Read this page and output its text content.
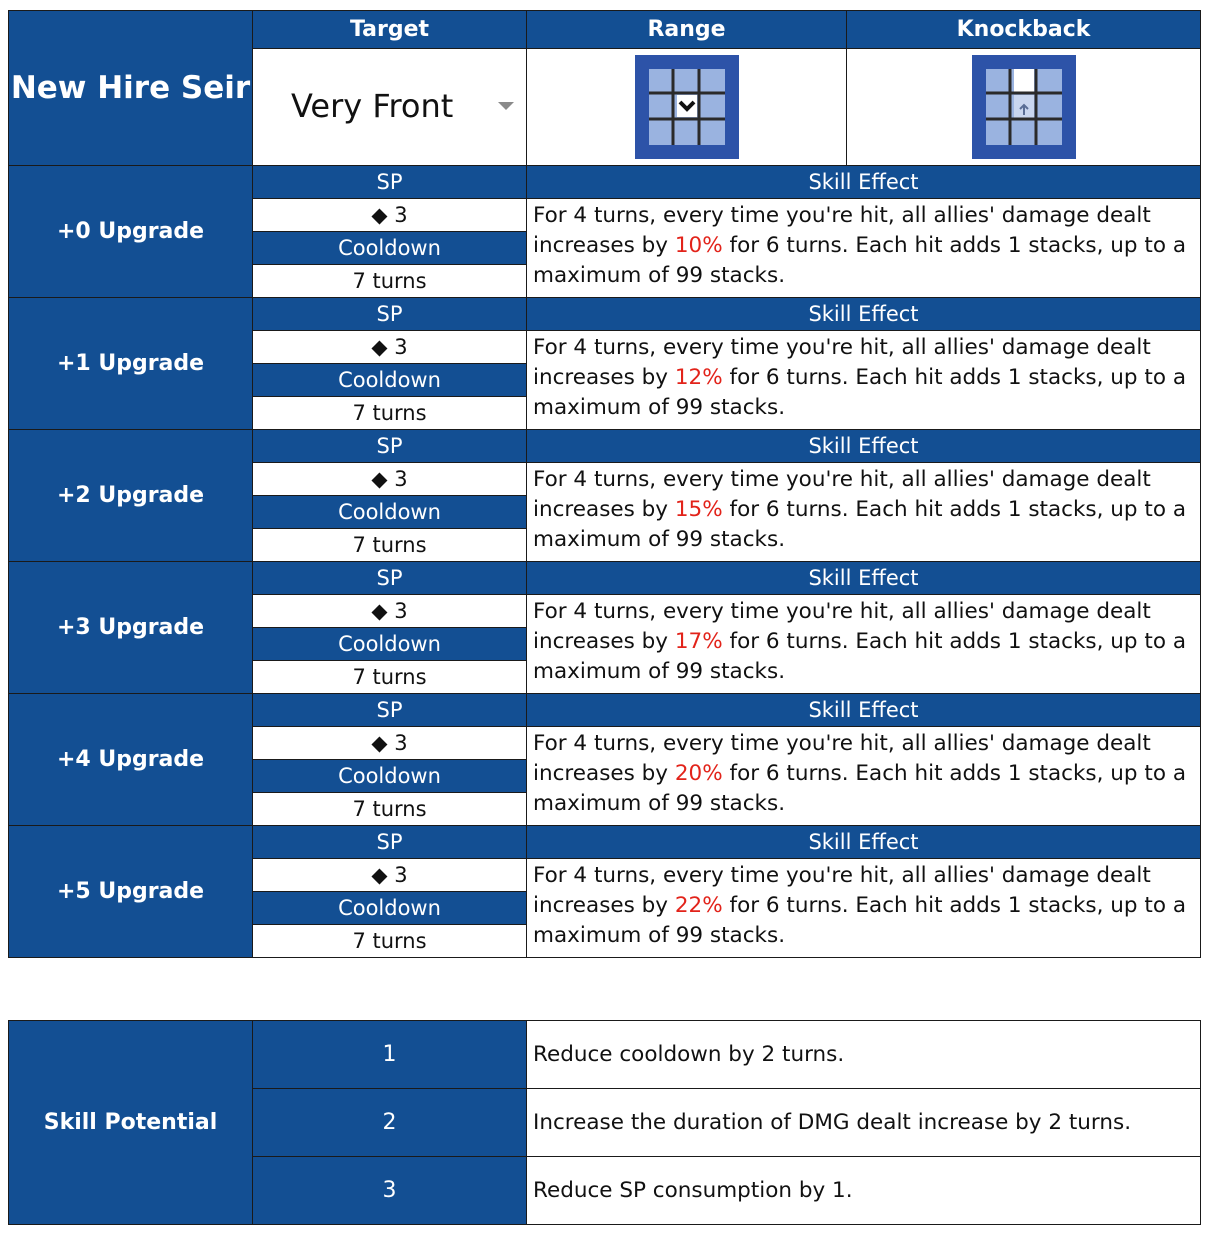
New Hire Seir	Target	Range	Knockback

	Very Front

+0 Upgrade	SP	Skill Effect	
	◆ 3	For 4 turns, every time you're hit, all allies' damage dealt increases by 10% for 6 turns. Each hit adds 1 stacks, up to a maximum of 99 stacks.	
	Cooldown		
	7 turns		
+1 Upgrade	SP	Skill Effect	
	◆ 3	For 4 turns, every time you're hit, all allies' damage dealt increases by 12% for 6 turns. Each hit adds 1 stacks, up to a maximum of 99 stacks.	
	Cooldown		
	7 turns		
+2 Upgrade	SP	Skill Effect	
	◆ 3	For 4 turns, every time you're hit, all allies' damage dealt increases by 15% for 6 turns. Each hit adds 1 stacks, up to a maximum of 99 stacks.	
	Cooldown		
	7 turns		
+3 Upgrade	SP	Skill Effect	
	◆ 3	For 4 turns, every time you're hit, all allies' damage dealt increases by 17% for 6 turns. Each hit adds 1 stacks, up to a maximum of 99 stacks.	
	Cooldown		
	7 turns		
+4 Upgrade	SP	Skill Effect	
	◆ 3	For 4 turns, every time you're hit, all allies' damage dealt increases by 20% for 6 turns. Each hit adds 1 stacks, up to a maximum of 99 stacks.	
	Cooldown		
	7 turns		
+5 Upgrade	SP	Skill Effect	
	◆ 3	For 4 turns, every time you're hit, all allies' damage dealt increases by 22% for 6 turns. Each hit adds 1 stacks, up to a maximum of 99 stacks.	
	Cooldown		
	7 turns		
Skill Potential	1	Reduce cooldown by 2 turns.
	2	Increase the duration of DMG dealt increase by 2 turns.
	3	Reduce SP consumption by 1.
